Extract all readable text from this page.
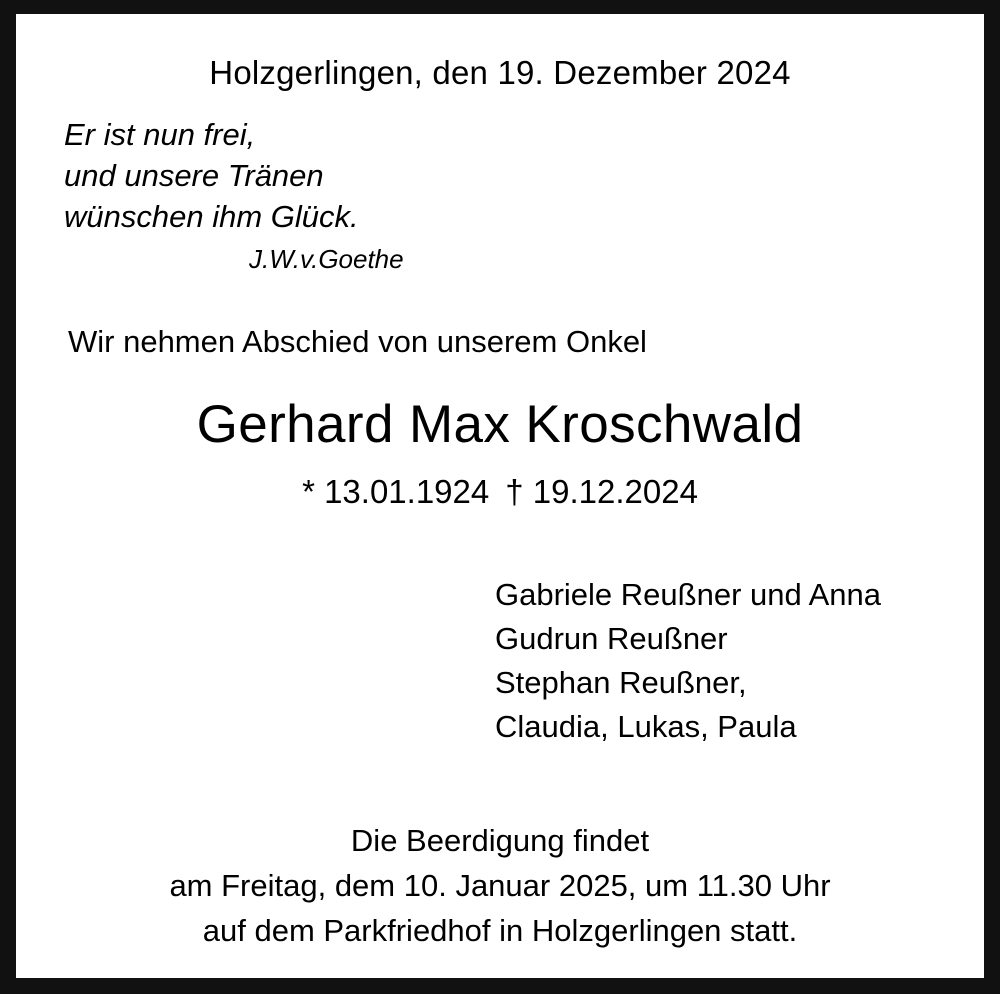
Holzgerlingen, den 19. Dezember 2024
Er ist nun frei,
und unsere Tränen
wünschen ihm Glück.
J.W.v.Goethe
Wir nehmen Abschied von unserem Onkel
Gerhard Max Kroschwald
* 13.01.1924 † 19.12.2024
Gabriele Reußner und Anna
Gudrun Reußner
Stephan Reußner,
Claudia, Lukas, Paula
Die Beerdigung findet
am Freitag, dem 10. Januar 2025, um 11.30 Uhr
auf dem Parkfriedhof in Holzgerlingen statt.
